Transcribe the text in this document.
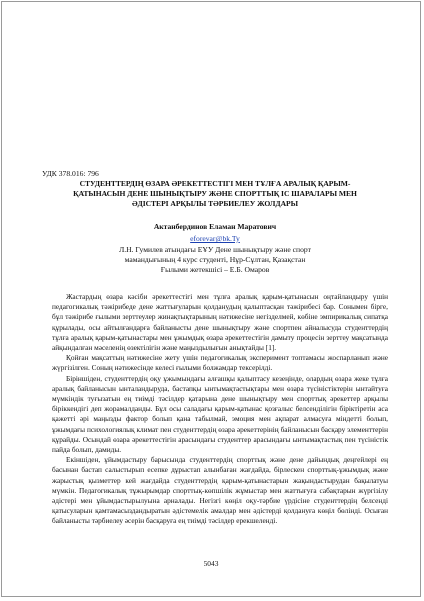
УДК 378.016: 796
СТУДЕНТТЕРДІҢ ӨЗАРА ӘРЕКЕТТЕСТІГІ МЕН ТҰЛҒА АРАЛЫҚ ҚАРЫМ-
ҚАТЫНАСЫН ДЕНЕ ШЫНЫҚТЫРУ ЖӘНЕ СПОРТТЫҚ ІС ШАРАЛАРЫ МЕН
ӘДІСТЕРІ АРҚЫЛЫ ТӘРБИЕЛЕУ ЖОЛДАРЫ
Актанбердинов Еламан Маратович
eforevar@bk.Ty
Л.Н. Гумилев атындағы ЕҰУ Дене шынықтыру және спорт
мамандығының 4 курс студенті, Нұр-Сұлтан, Қазақстан
Ғылыми жетекшісі – Е.Б. Омаров

Жастардың өзара кәсіби әрекеттестігі мен тұлға аралық қарым-қатынасын оңтайландыру үшін педагогикалық тәжірибеде дене жаттығуларын қолданудың қалыптасқан тәжірибесі бар. Сонымен бірге, бұл тәжірибе ғылыми зерттеулер жинақтықтарының нәтижесіне негізделмей, көбіне эмпирикалық сипатқа құрылады, осы айтылғандарға байланысты дене шынықтыру және спортпен айналысуда студенттердің тұлға аралық қарым-қатынастары мен ұжымдық өзара әрекеттестігін дамыту процесін зерттеу мақсатында айқындалған мәселенің өзектілігін және маңыздылығын анықтайды [1].

Қойған мақсаттың нәтижесіне жету үшін педагогикалық эксперимент топтамасы жоспарланып және жүргізілген. Соның нәтижесінде келесі ғылыми болжамдар тексерілді.

Біріншіден, студенттердің оқу ұжымындағы алғашқы қалыптасу кезеңінде, олардың өзара жеке тұлға аралық байланысын ынталандыруда, бастапқы ынтымақтастықтары мен өзара түсіністіктерін ынтайтуға мүмкіндік туғызатын ең тиімді тәсілдер қатарына дене шынықтыру мен спорттық әрекеттер арқылы біріккендігі деп жорамалданды. Бұл осы саладағы қарым-қатынас қозғалыс белсенділігін біріктіретін аса қажетті әрі маңызды фактор болып қана табылмай, эмоция мен ақпарат алмасуға міндетті болып, ұжымдағы психологиялық климат пен студенттердің өзара әрекеттерінің байланысын басқару элементтерін құрайды. Осындай өзара әрекеттестігін арасындағы студенттер арасындағы ынтымақтастық пен түсіністік пайда болып, дамиды.

Екіншіден, ұйымдастыру барысында студенттердің спорттық және дене дайындық деңгейлері ең басынан бастап салыстырып есепке дұрыстап алынбаған жағдайда, бірлескен спорттық-ұжымдық және жарыстық қызметтер кей жағдайда студенттердің қарым-қатынастарын жақындастырудан бақылатуы мүмкін. Педагогикалық тұжырымдар спорттық-көпшілік жұмыстар мен жаттығуға сабақтарын жүргізілу әдістері мен ұйымдастырылуына арналады. Негізгі көңіл оқу-тәрбие үрдісіне студенттердің белсенді қатысуларын қамтамасыздандыратын әдістемелік амалдар мен әдістерді қолдануға көңіл бөлінді. Осыған байланысты тәрбиелеу әсерін басқаруға ең тиімді тәсілдер ерекшеленді.

5043
